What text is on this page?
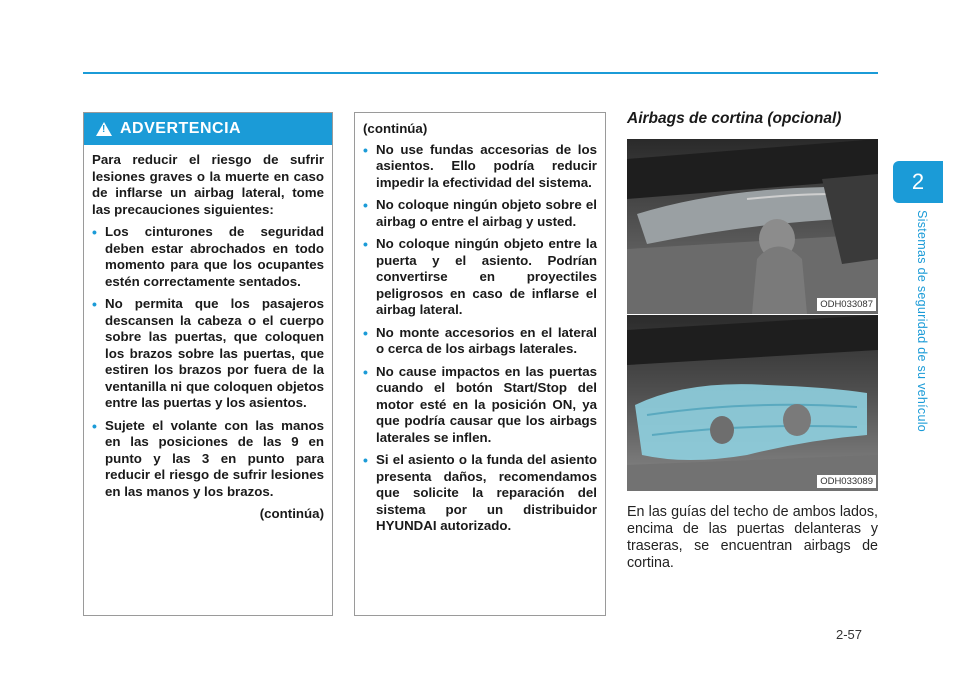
2
Sistemas de seguridad de su vehículo
! ADVERTENCIA

Para reducir el riesgo de sufrir lesiones graves o la muerte en caso de inflarse un airbag lateral, tome las precauciones siguientes:

• Los cinturones de seguridad deben estar abrochados en todo momento para que los ocupantes estén correctamente sentados.
• No permita que los pasajeros descansen la cabeza o el cuerpo sobre las puertas, que coloquen los brazos sobre las puertas, que estiren los brazos por fuera de la ventanilla ni que coloquen objetos entre las puertas y los asientos.
• Sujete el volante con las manos en las posiciones de las 9 en punto y las 3 en punto para reducir el riesgo de sufrir lesiones en las manos y los brazos.

(continúa)

(continúa)

• No use fundas accesorias de los asientos. Ello podría reducir impedir la efectividad del sistema.
• No coloque ningún objeto sobre el airbag o entre el airbag y usted.
• No coloque ningún objeto entre la puerta y el asiento. Podrían convertirse en proyectiles peligrosos en caso de inflarse el airbag lateral.
• No monte accesorios en el lateral o cerca de los airbags laterales.
• No cause impactos en las puertas cuando el botón Start/Stop del motor esté en la posición ON, ya que podría causar que los airbags laterales se inflen.
• Si el asiento o la funda del asiento presenta daños, recomendamos que solicite la reparación del sistema por un distribuidor HYUNDAI autorizado.
Airbags de cortina (opcional)
ODH033087
ODH033089
En las guías del techo de ambos lados, encima de las puertas delanteras y traseras, se encuentran airbags de cortina.
2-57
